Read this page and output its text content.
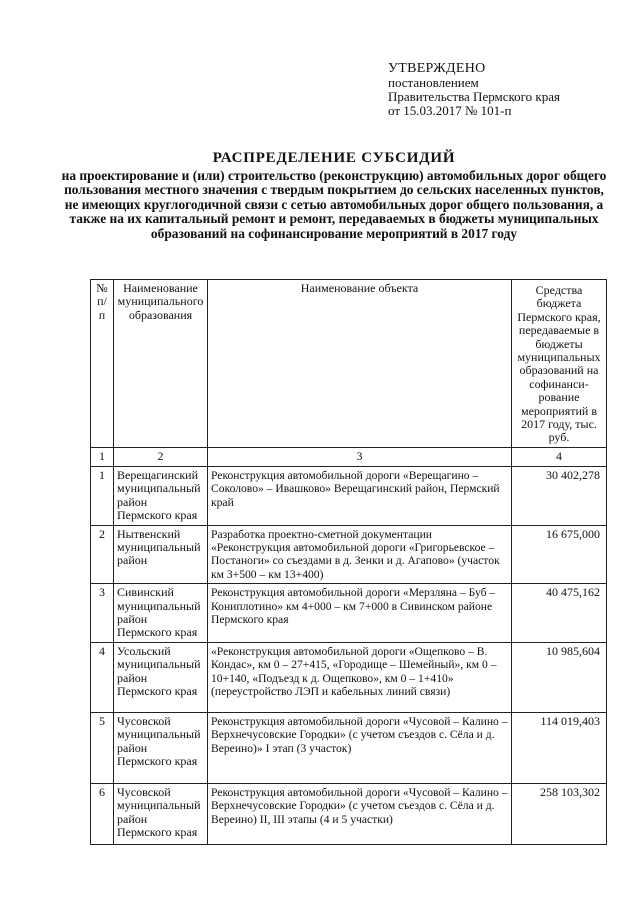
УТВЕРЖДЕНО
постановлением
Правительства Пермского края
от 15.03.2017 № 101-п
РАСПРЕДЕЛЕНИЕ СУБСИДИЙ
на проектирование и (или) строительство (реконструкцию) автомобильных дорог общего пользования местного значения с твердым покрытием до сельских населенных пунктов, не имеющих круглогодичной связи с сетью автомобильных дорог общего пользования, а также на их капитальный ремонт и ремонт, передаваемых в бюджеты муниципальных образований на софинансирование мероприятий в 2017 году
№ п/п	Наименование муниципального образования	Наименование объекта	Средства бюджета Пермского края, передаваемые в бюджеты муниципальных образований на софинанси-рование мероприятий в 2017 году, тыс. руб.
1	2	3	4
1	Верещагинский муниципальный район Пермского края	Реконструкция автомобильной дороги «Верещагино – Соколово» – Ивашково» Верещагинский район, Пермский край	30 402,278
2	Нытвенский муниципальный район	Разработка проектно-сметной документации «Реконструкция автомобильной дороги «Григорьевское – Постаноги» со съездами в д. Зенки и д. Агапово» (участок км 3+500 – км 13+400)	16 675,000
3	Сивинский муниципальный район Пермского края	Реконструкция автомобильной дороги «Мерзляна – Буб – Кониплотино» км 4+000 – км 7+000 в Сивинском районе Пермского края	40 475,162
4	Усольский муниципальный район Пермского края	«Реконструкция автомобильной дороги «Ощепково – В. Кондас», км 0 – 27+415, «Городище – Шемейный», км 0 – 10+140, «Подъезд к д. Ощепково», км 0 – 1+410» (переустройство ЛЭП и кабельных линий связи)	10 985,604
5	Чусовской муниципальный район Пермского края	Реконструкция автомобильной дороги «Чусовой – Калино – Верхнечусовские Городки» (с учетом съездов с. Сёла и д. Вереино)» I этап (3 участок)	114 019,403
6	Чусовской муниципальный район Пермского края	Реконструкция автомобильной дороги «Чусовой – Калино – Верхнечусовские Городки» (с учетом съездов с. Сёла и д. Вереино) II, III этапы (4 и 5 участки)	258 103,302
